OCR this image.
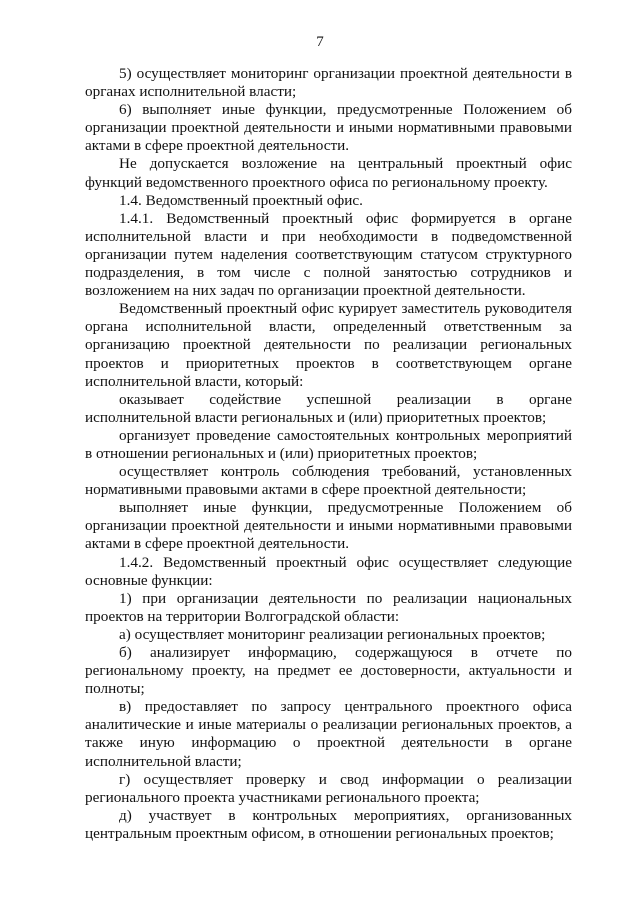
7

5) осуществляет мониторинг организации проектной деятельности в органах исполнительной власти;

6) выполняет иные функции, предусмотренные Положением об организации проектной деятельности и иными нормативными правовыми актами в сфере проектной деятельности.

Не допускается возложение на центральный проектный офис функций ведомственного проектного офиса по региональному проекту.

1.4. Ведомственный проектный офис.

1.4.1. Ведомственный проектный офис формируется в органе исполнительной власти и при необходимости в подведомственной организации путем наделения соответствующим статусом структурного подразделения, в том числе с полной занятостью сотрудников и возложением на них задач по организации проектной деятельности.

Ведомственный проектный офис курирует заместитель руководителя органа исполнительной власти, определенный ответственным за организацию проектной деятельности по реализации региональных проектов и приоритетных проектов в соответствующем органе исполнительной власти, который:

оказывает содействие успешной реализации в органе исполнительной власти региональных и (или) приоритетных проектов;

организует проведение самостоятельных контрольных мероприятий в отношении региональных и (или) приоритетных проектов;

осуществляет контроль соблюдения требований, установленных нормативными правовыми актами в сфере проектной деятельности;

выполняет иные функции, предусмотренные Положением об организации проектной деятельности и иными нормативными правовыми актами в сфере проектной деятельности.

1.4.2. Ведомственный проектный офис осуществляет следующие основные функции:

1) при организации деятельности по реализации национальных проектов на территории Волгоградской области:

а) осуществляет мониторинг реализации региональных проектов;

б) анализирует информацию, содержащуюся в отчете по региональному проекту, на предмет ее достоверности, актуальности и полноты;

в) предоставляет по запросу центрального проектного офиса аналитические и иные материалы о реализации региональных проектов, а также иную информацию о проектной деятельности в органе исполнительной власти;

г) осуществляет проверку и свод информации о реализации регионального проекта участниками регионального проекта;

д) участвует в контрольных мероприятиях, организованных центральным проектным офисом, в отношении региональных проектов;
